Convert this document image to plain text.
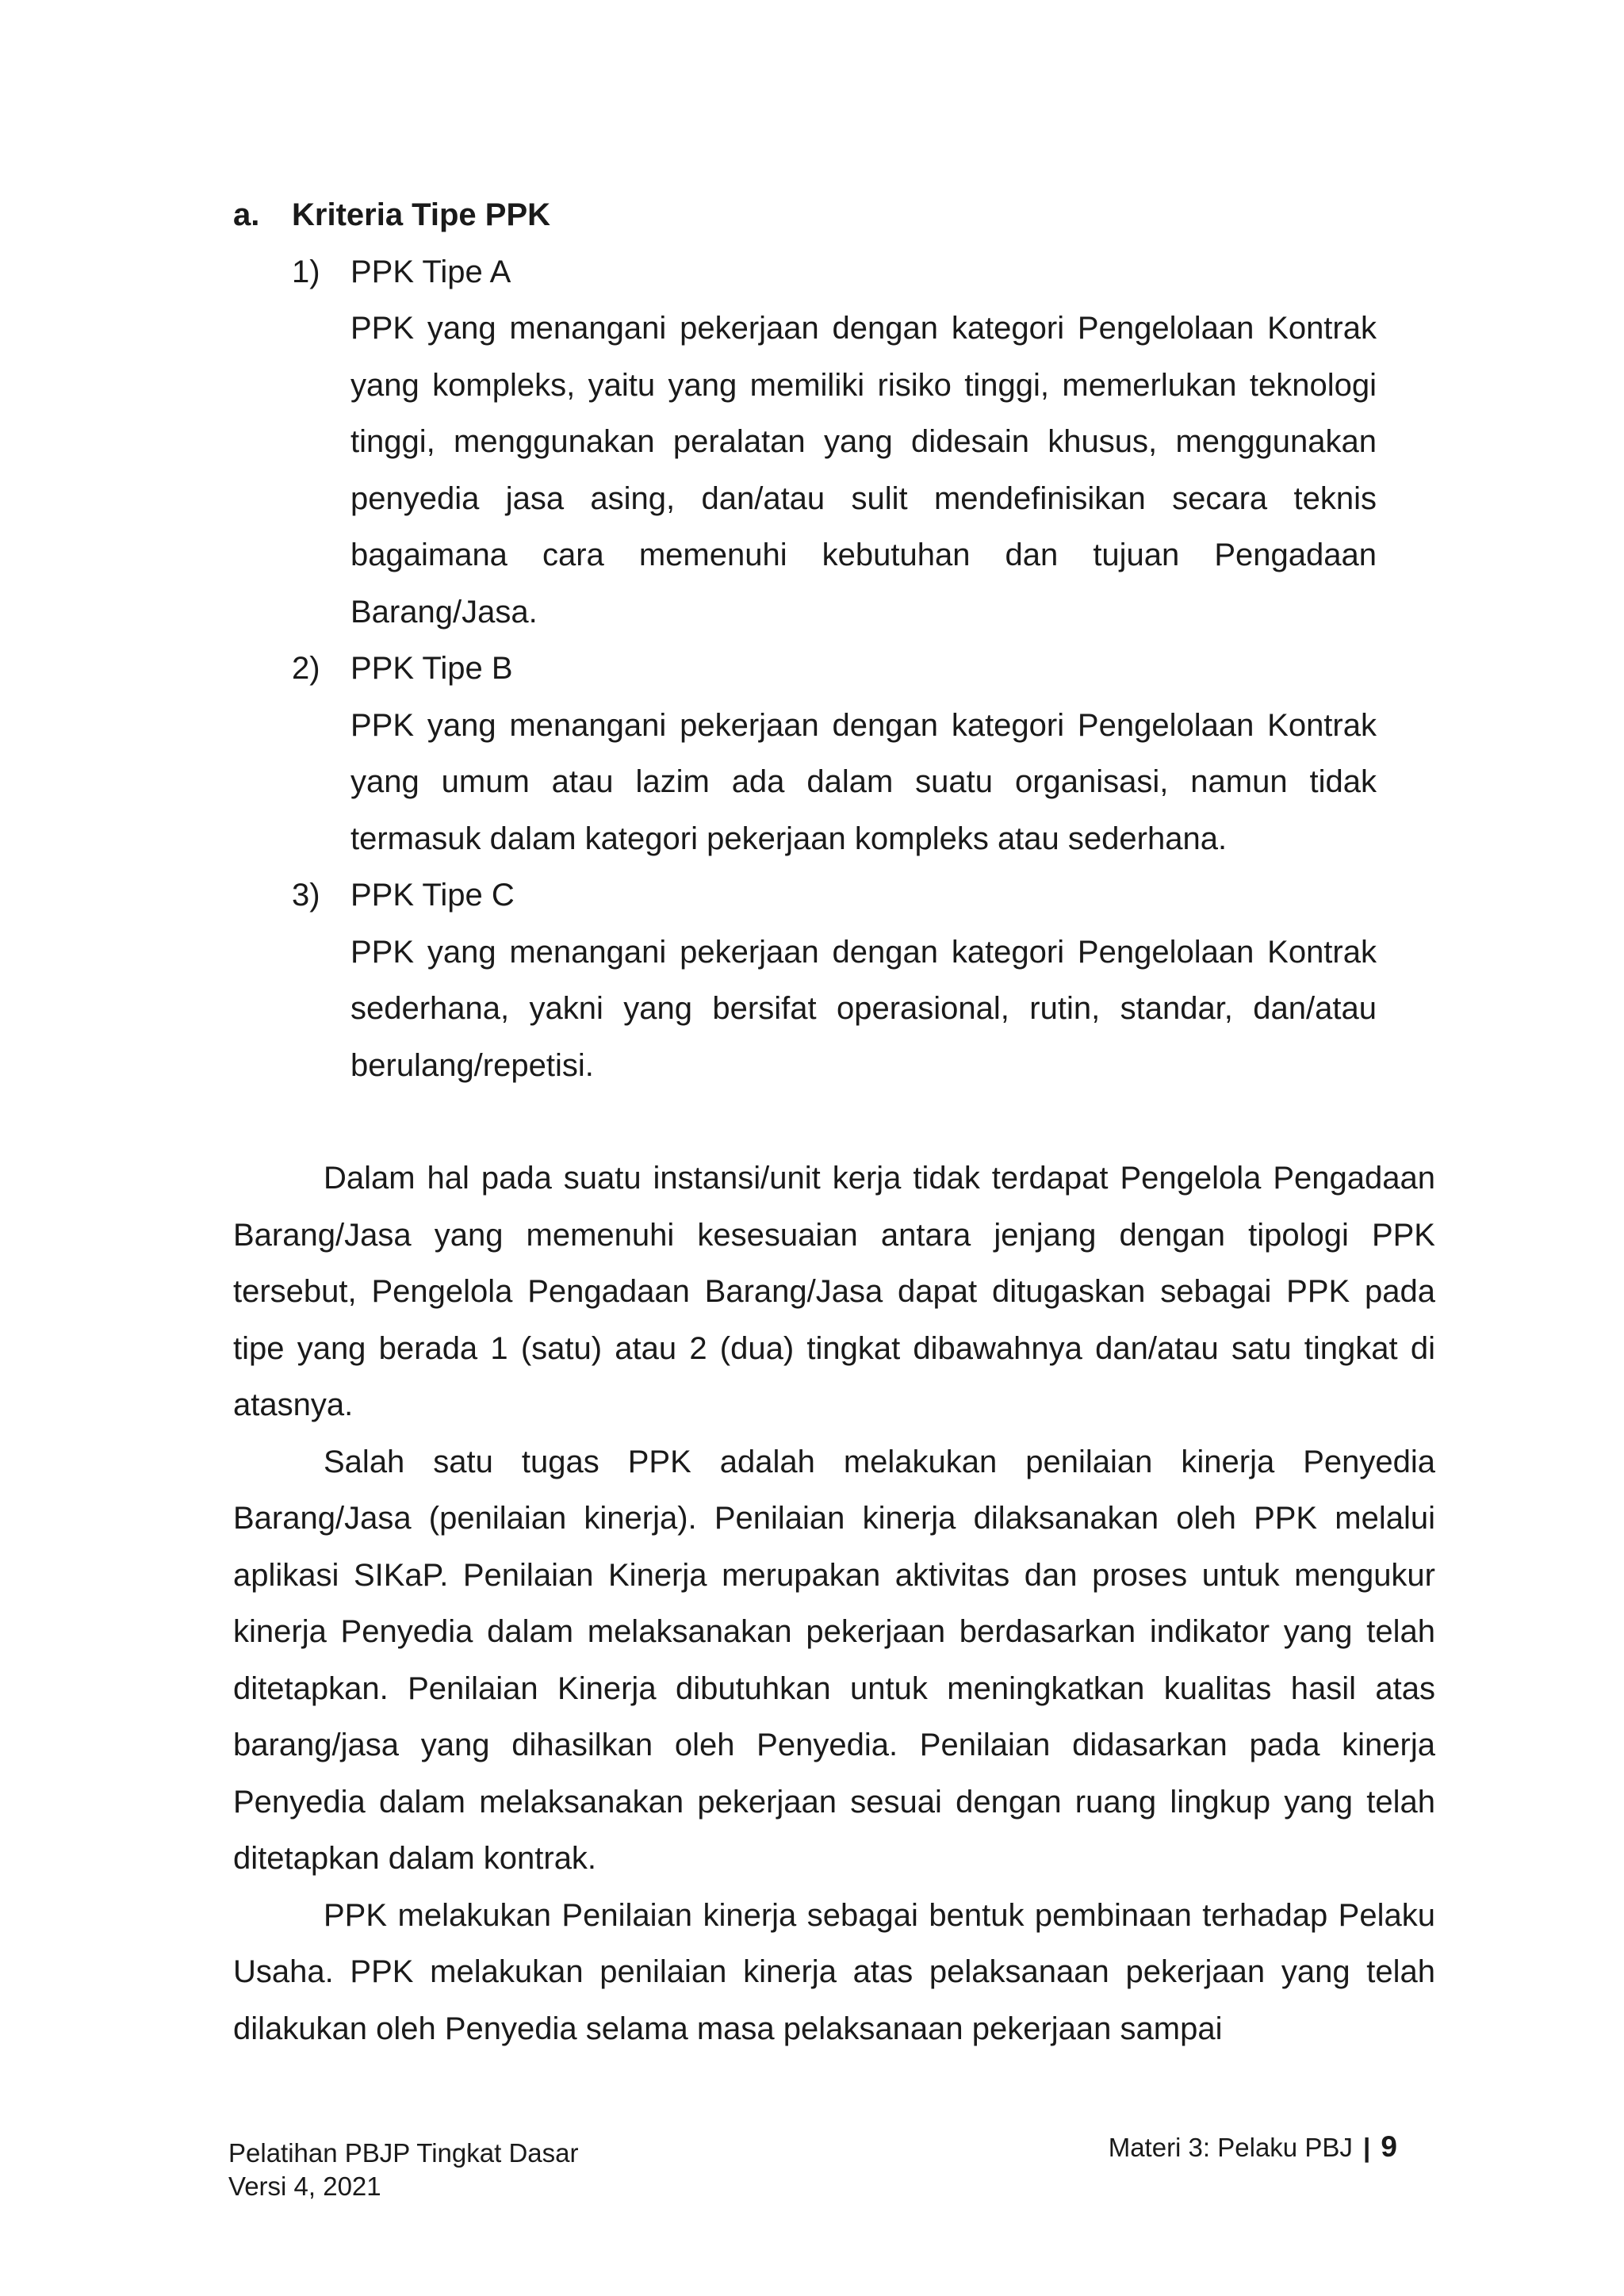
a.	Kriteria Tipe PPK
1) PPK Tipe A
PPK yang menangani pekerjaan dengan kategori Pengelolaan Kontrak yang kompleks, yaitu yang memiliki risiko tinggi, memerlukan teknologi tinggi, menggunakan peralatan yang didesain khusus, menggunakan penyedia jasa asing, dan/atau sulit mendefinisikan secara teknis bagaimana cara memenuhi kebutuhan dan tujuan Pengadaan Barang/Jasa.
2) PPK Tipe B
PPK yang menangani pekerjaan dengan kategori Pengelolaan Kontrak yang umum atau lazim ada dalam suatu organisasi, namun tidak termasuk dalam kategori pekerjaan kompleks atau sederhana.
3) PPK Tipe C
PPK yang menangani pekerjaan dengan kategori Pengelolaan Kontrak sederhana, yakni yang bersifat operasional, rutin, standar, dan/atau berulang/repetisi.

Dalam hal pada suatu instansi/unit kerja tidak terdapat Pengelola Pengadaan Barang/Jasa yang memenuhi kesesuaian antara jenjang dengan tipologi PPK tersebut, Pengelola Pengadaan Barang/Jasa dapat ditugaskan sebagai PPK pada tipe yang berada 1 (satu) atau 2 (dua) tingkat dibawahnya dan/atau satu tingkat di atasnya.

Salah satu tugas PPK adalah melakukan penilaian kinerja Penyedia Barang/Jasa (penilaian kinerja). Penilaian kinerja dilaksanakan oleh PPK melalui aplikasi SIKaP. Penilaian Kinerja merupakan aktivitas dan proses untuk mengukur kinerja Penyedia dalam melaksanakan pekerjaan berdasarkan indikator yang telah ditetapkan. Penilaian Kinerja dibutuhkan untuk meningkatkan kualitas hasil atas barang/jasa yang dihasilkan oleh Penyedia. Penilaian didasarkan pada kinerja Penyedia dalam melaksanakan pekerjaan sesuai dengan ruang lingkup yang telah ditetapkan dalam kontrak.

PPK melakukan Penilaian kinerja sebagai bentuk pembinaan terhadap Pelaku Usaha. PPK melakukan penilaian kinerja atas pelaksanaan pekerjaan yang telah dilakukan oleh Penyedia selama masa pelaksanaan pekerjaan sampai

Pelatihan PBJP Tingkat Dasar
Versi 4, 2021
Materi 3: Pelaku PBJ | 9
